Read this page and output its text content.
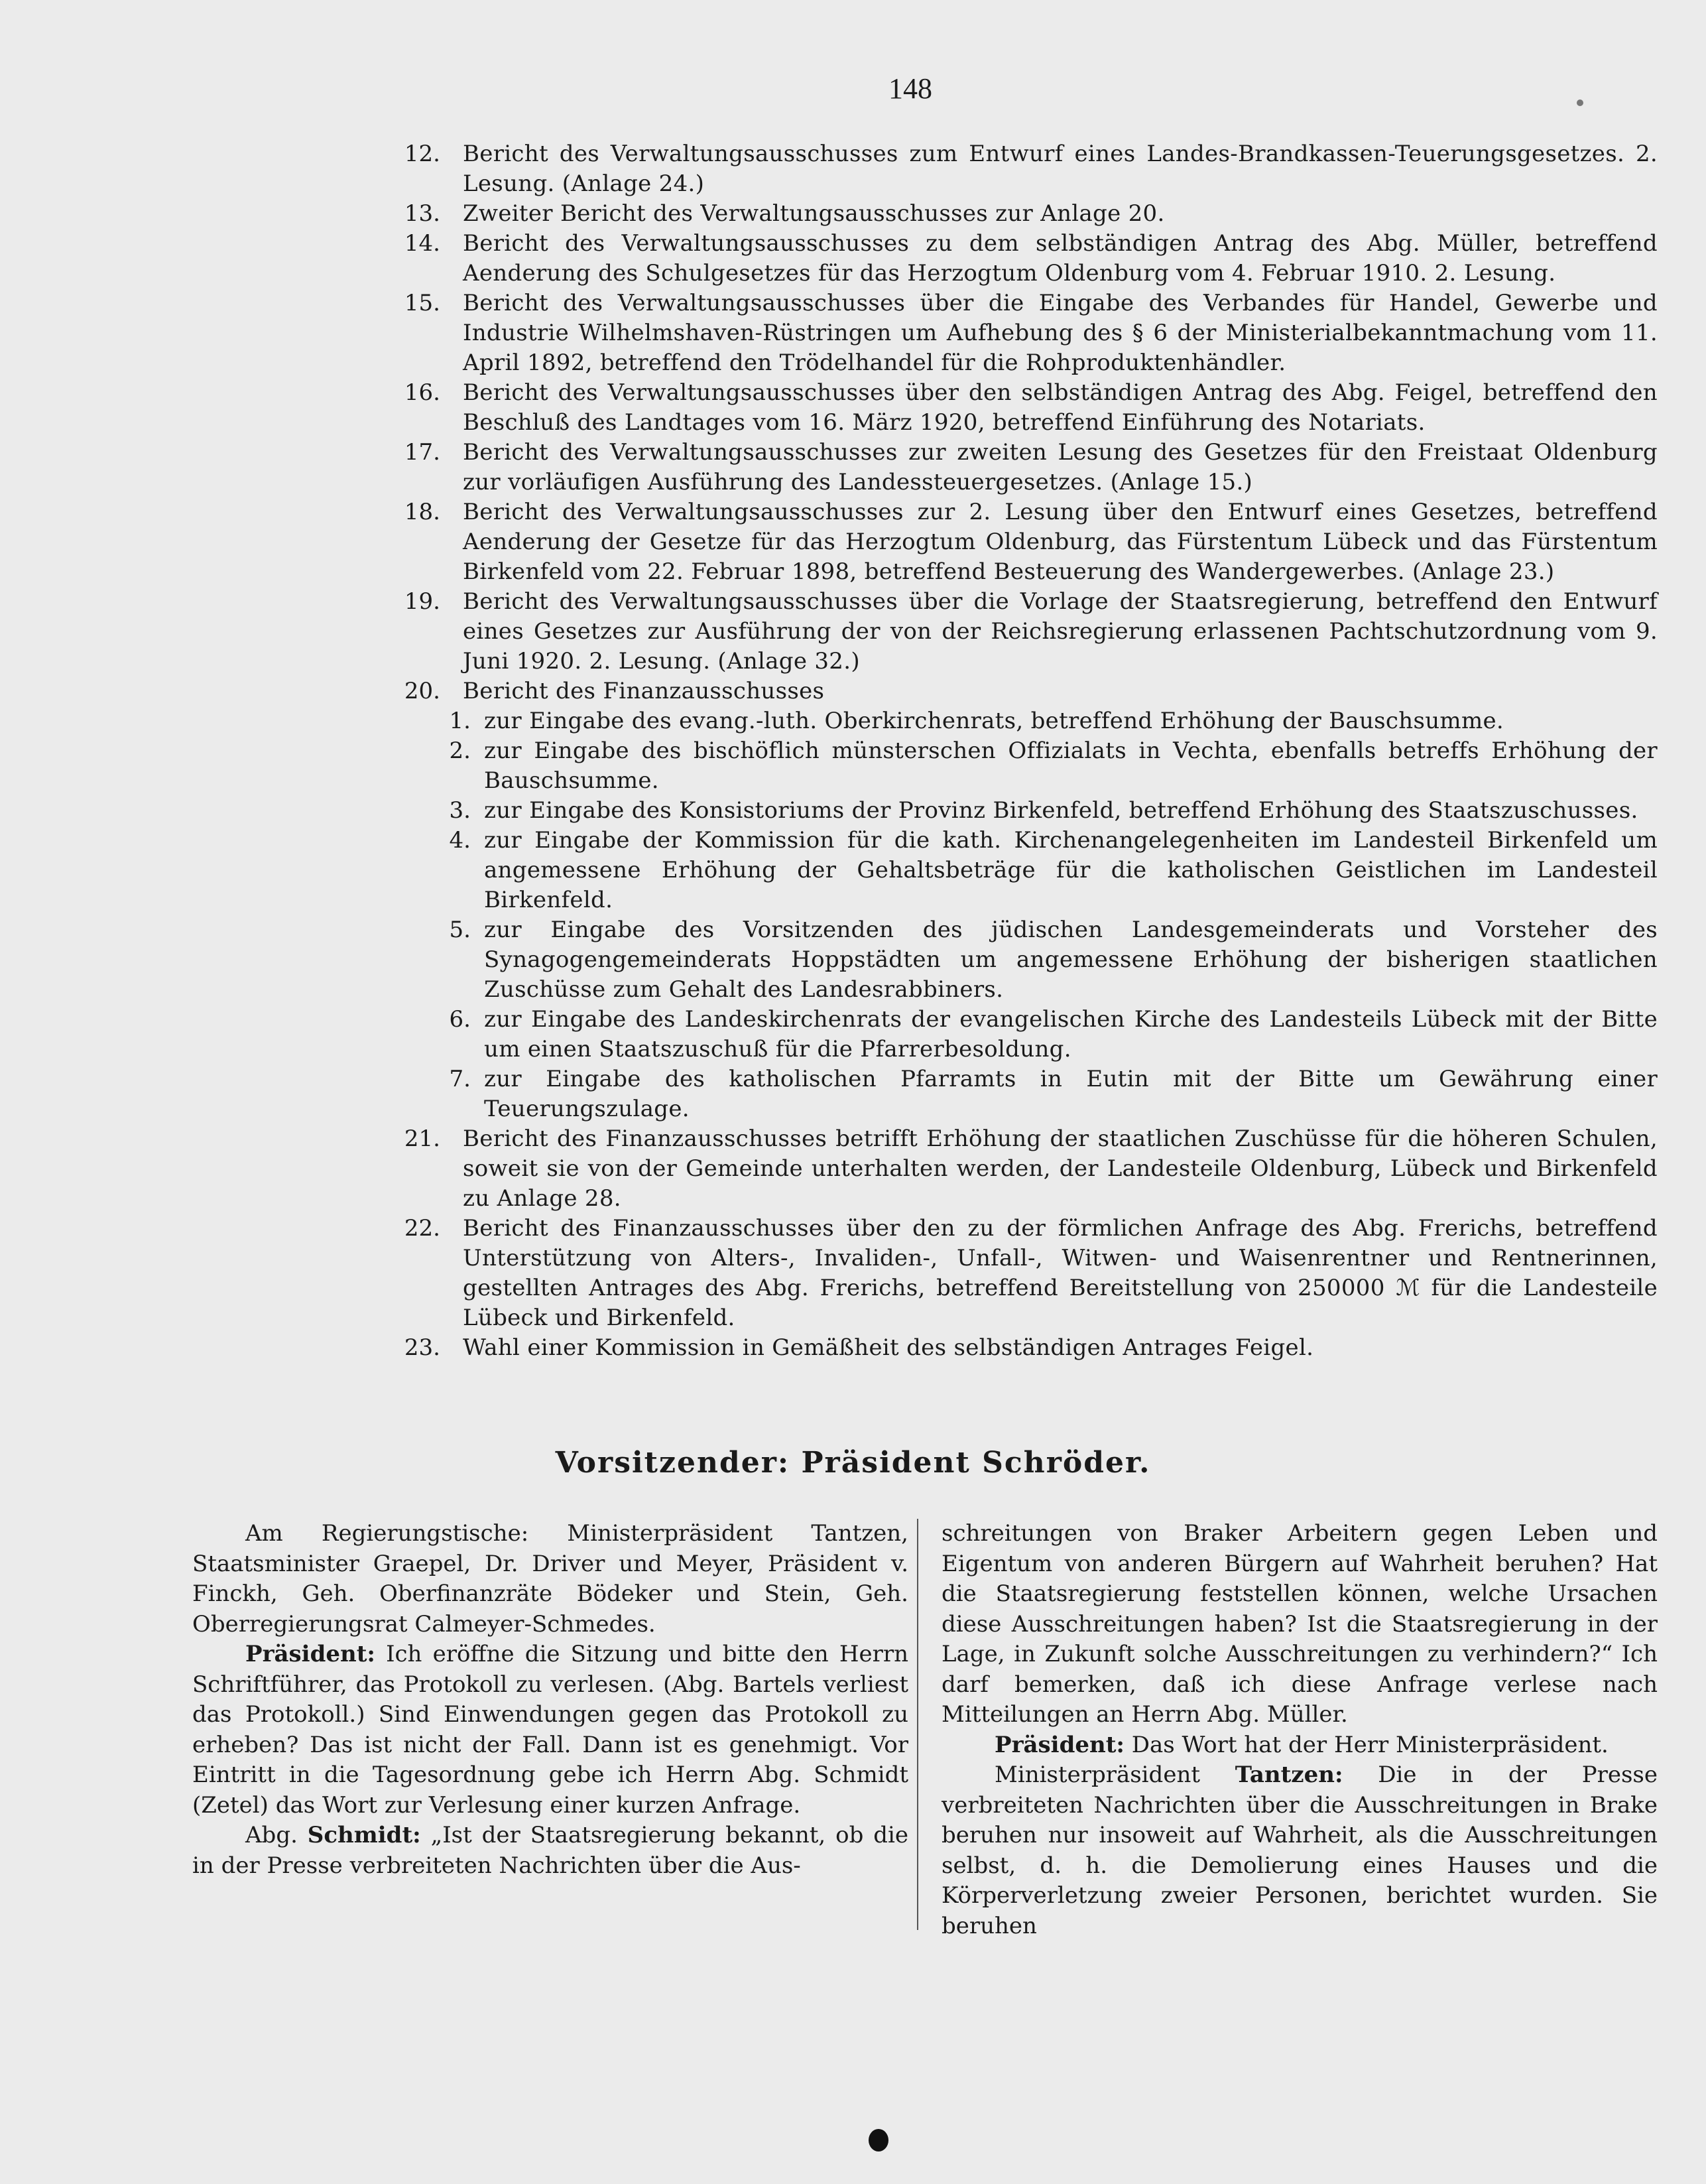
148
12. Bericht des Verwaltungsausschusses zum Entwurf eines Landes-Brandkassen-Teuerungsgesetzes. 2. Lesung. (Anlage 24.)
13. Zweiter Bericht des Verwaltungsausschusses zur Anlage 20.
14. Bericht des Verwaltungsausschusses zu dem selbständigen Antrag des Abg. Müller, betreffend Aenderung des Schulgesetzes für das Herzogtum Oldenburg vom 4. Februar 1910. 2. Lesung.
15. Bericht des Verwaltungsausschusses über die Eingabe des Verbandes für Handel, Gewerbe und Industrie Wilhelmshaven-Rüstringen um Aufhebung des § 6 der Ministerialbekanntmachung vom 11. April 1892, betreffend den Trödelhandel für die Rohproduktenhändler.
16. Bericht des Verwaltungsausschusses über den selbständigen Antrag des Abg. Feigel, betreffend den Beschluß des Landtages vom 16. März 1920, betreffend Einführung des Notariats.
17. Bericht des Verwaltungsausschusses zur zweiten Lesung des Gesetzes für den Freistaat Oldenburg zur vorläufigen Ausführung des Landessteuergesetzes. (Anlage 15.)
18. Bericht des Verwaltungsausschusses zur 2. Lesung über den Entwurf eines Gesetzes, betreffend Aenderung der Gesetze für das Herzogtum Oldenburg, das Fürstentum Lübeck und das Fürstentum Birkenfeld vom 22. Februar 1898, betreffend Besteuerung des Wandergewerbes. (Anlage 23.)
19. Bericht des Verwaltungsausschusses über die Vorlage der Staatsregierung, betreffend den Entwurf eines Gesetzes zur Ausführung der von der Reichsregierung erlassenen Pachtschutzordnung vom 9. Juni 1920. 2. Lesung. (Anlage 32.)
20. Bericht des Finanzausschusses
1. zur Eingabe des evang.-luth. Oberkirchenrats, betreffend Erhöhung der Bauschsumme.
2. zur Eingabe des bischöflich münsterschen Offizialats in Vechta, ebenfalls betreffs Erhöhung der Bauschsumme.
3. zur Eingabe des Konsistoriums der Provinz Birkenfeld, betreffend Erhöhung des Staatszuschusses.
4. zur Eingabe der Kommission für die kath. Kirchenangelegenheiten im Landesteil Birkenfeld um angemessene Erhöhung der Gehaltsbeträge für die katholischen Geistlichen im Landesteil Birkenfeld.
5. zur Eingabe des Vorsitzenden des jüdischen Landesgemeinderats und Vorsteher des Synagogengemeinderats Hoppstädten um angemessene Erhöhung der bisherigen staatlichen Zuschüsse zum Gehalt des Landesrabbiners.
6. zur Eingabe des Landeskirchenrats der evangelischen Kirche des Landesteils Lübeck mit der Bitte um einen Staatszuschuß für die Pfarrerbesoldung.
7. zur Eingabe des katholischen Pfarramts in Eutin mit der Bitte um Gewährung einer Teuerungszulage.
21. Bericht des Finanzausschusses betrifft Erhöhung der staatlichen Zuschüsse für die höheren Schulen, soweit sie von der Gemeinde unterhalten werden, der Landesteile Oldenburg, Lübeck und Birkenfeld zu Anlage 28.
22. Bericht des Finanzausschusses über den zu der förmlichen Anfrage des Abg. Frerichs, betreffend Unterstützung von Alters-, Invaliden-, Unfall-, Witwen- und Waisenrentner und Rentnerinnen, gestellten Antrages des Abg. Frerichs, betreffend Bereitstellung von 250000 ℳ für die Landesteile Lübeck und Birkenfeld.
23. Wahl einer Kommission in Gemäßheit des selbständigen Antrages Feigel.
Vorsitzender: Präsident Schröder.

Am Regierungstische: Ministerpräsident Tantzen, Staatsminister Graepel, Dr. Driver und Meyer, Präsident v. Finckh, Geh. Oberfinanzräte Bödeker und Stein, Geh. Oberregierungsrat Calmeyer-Schmedes.

Präsident: Ich eröffne die Sitzung und bitte den Herrn Schriftführer, das Protokoll zu verlesen. (Abg. Bartels verliest das Protokoll.) Sind Einwendungen gegen das Protokoll zu erheben? Das ist nicht der Fall. Dann ist es genehmigt. Vor Eintritt in die Tagesordnung gebe ich Herrn Abg. Schmidt (Zetel) das Wort zur Verlesung einer kurzen Anfrage.

Abg. Schmidt: „Ist der Staatsregierung bekannt, ob die in der Presse verbreiteten Nachrichten über die Aus-

schreitungen von Braker Arbeitern gegen Leben und Eigentum von anderen Bürgern auf Wahrheit beruhen? Hat die Staatsregierung feststellen können, welche Ursachen diese Ausschreitungen haben? Ist die Staatsregierung in der Lage, in Zukunft solche Ausschreitungen zu verhindern?“ Ich darf bemerken, daß ich diese Anfrage verlese nach Mitteilungen an Herrn Abg. Müller.

Präsident: Das Wort hat der Herr Ministerpräsident.

Ministerpräsident Tantzen: Die in der Presse verbreiteten Nachrichten über die Ausschreitungen in Brake beruhen nur insoweit auf Wahrheit, als die Ausschreitungen selbst, d. h. die Demolierung eines Hauses und die Körperverletzung zweier Personen, berichtet wurden. Sie beruhen
